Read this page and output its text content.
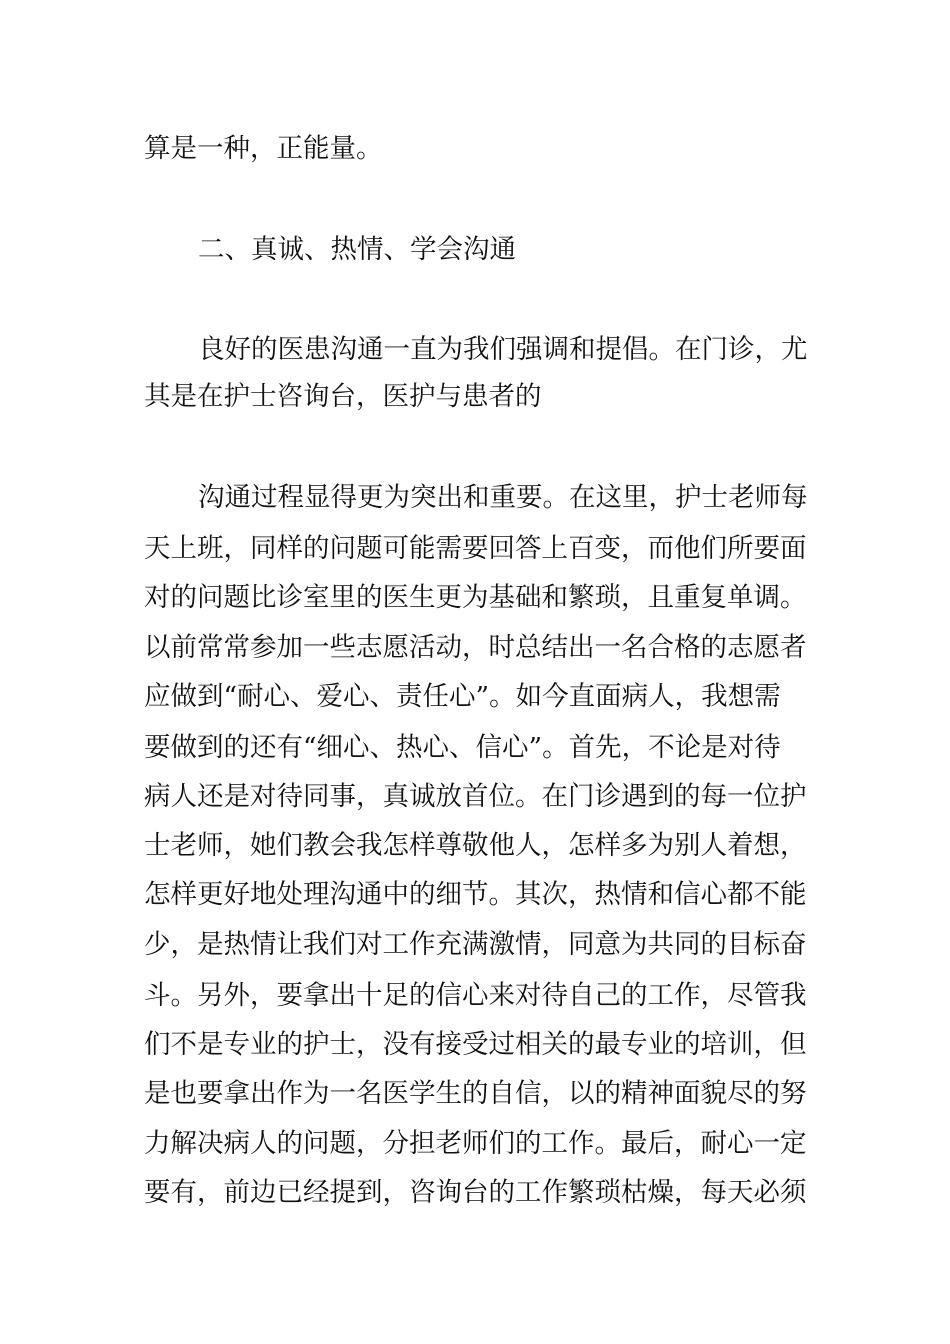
算是一种，正能量。
二、真诚、热情、学会沟通
良好的医患沟通一直为我们强调和提倡。在门诊，尤
其是在护士咨询台，医护与患者的
沟通过程显得更为突出和重要。在这里，护士老师每
天上班，同样的问题可能需要回答上百变，而他们所要面
对的问题比诊室里的医生更为基础和繁琐，且重复单调。
以前常常参加一些志愿活动，时总结出一名合格的志愿者
应做到“耐心、爱心、责任心”。如今直面病人，我想需
要做到的还有“细心、热心、信心”。首先，不论是对待
病人还是对待同事，真诚放首位。在门诊遇到的每一位护
士老师，她们教会我怎样尊敬他人，怎样多为别人着想，
怎样更好地处理沟通中的细节。其次，热情和信心都不能
少，是热情让我们对工作充满激情，同意为共同的目标奋
斗。另外，要拿出十足的信心来对待自己的工作，尽管我
们不是专业的护士，没有接受过相关的最专业的培训，但
是也要拿出作为一名医学生的自信，以的精神面貌尽的努
力解决病人的问题，分担老师们的工作。最后，耐心一定
要有，前边已经提到，咨询台的工作繁琐枯燥，每天必须
